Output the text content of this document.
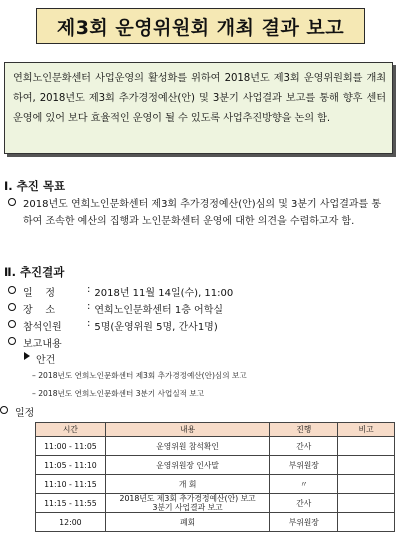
제3회 운영위원회 개최 결과 보고

연희노인문화센터 사업운영의 활성화를 위하여 2018년도 제3회 운영위원회를 개최하여, 2018년도 제3회 추가경정예산(안) 및 3분기 사업결과 보고를 통해 향후 센터 운영에 있어 보다 효율적인 운영이 될 수 있도록 사업추진방향을 논의 함.

Ⅰ. 추진 목표
2018년도 연희노인문화센터 제3회 추가경정예산(안)심의 및 3분기 사업결과를 통하여 조속한 예산의 집행과 노인문화센터 운영에 대한 의견을 수렴하고자 함.
Ⅱ. 추진결과
일    정	: 2018년 11월 14일(수), 11:00
장    소	: 연희노인문화센터 1층 어학실
참석인원	: 5명(운영위원 5명, 간사1명)
보고내용
안건
– 2018년도 연희노인문화센터 제3회 추가경정예산(안)심의 보고
– 2018년도 연희노인문화센터 3분기 사업실적 보고
일정
시간	내용	진행	비고
11:00 - 11:05	운영위원 참석확인	간사	
11:05 - 11:10	운영위원장 인사말	부위원장	
11:10 - 11:15	개 회	〃	
11:15 - 11:55	2018년도 제3회 추가경정예산(안) 보고
3분기 사업결과 보고	간사	
12:00	폐회	부위원장	
